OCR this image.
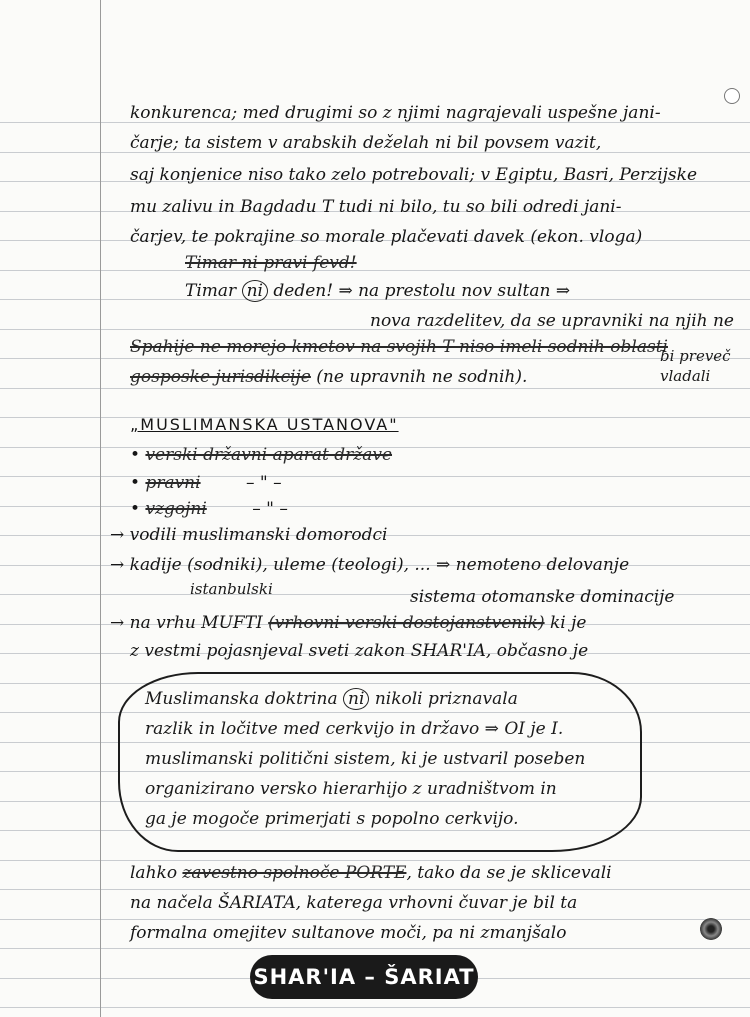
konkurenca; med drugimi so z njimi nagrajevali uspešne jani-
čarje; ta sistem v arabskih deželah ni bil povsem vazit,
saj konjenice niso tako zelo potrebovali; v Egiptu, Basri, Perzijske
mu zalivu in Bagdadu T tudi ni bilo, tu so bili odredi jani-
čarjev, te pokrajine so morale plačevati davek (ekon. vloga)
Timar ni pravi fevd!
Timar ni deden! ⇒ na prestolu nov sultan ⇒
nova razdelitev, da se upravniki na njih ne
Spahije ne morejo kmetov na svojih T niso imeli sodnih oblasti
bi preveč vladali
gosposke jurisdikcije (ne upravnih ne sodnih).
„MUSLIMANSKA USTANOVA"
• verski državni aparat države
• pravni	– " –
• vzgojni	– " –
→ vodili muslimanski domorodci
→ kadije (sodniki), uleme (teologi), ... ⇒ nemoteno delovanje
istanbulski	sistema otomanske dominacije
→ na vrhu MUFTI (vrhovni verski dostojanstvenik) ki je
z vestmi pojasnjeval sveti zakon SHAR'IA, občasno je
Muslimanska doktrina ni nikoli priznavala
razlik in ločitve med cerkvijo in državo ⇒ OI je I.
muslimanski politični sistem, ki je ustvaril poseben
organizirano versko hierarhijo z uradništvom in
ga je mogoče primerjati s popolno cerkvijo.
lahko zavestno spolnoče PORTE, tako da se je sklicevali
na načela ŠARIATA, katerega vrhovni čuvar je bil ta
formalna omejitev sultanove moči, pa ni zmanjšalo
SHAR'IA – ŠARIAT
